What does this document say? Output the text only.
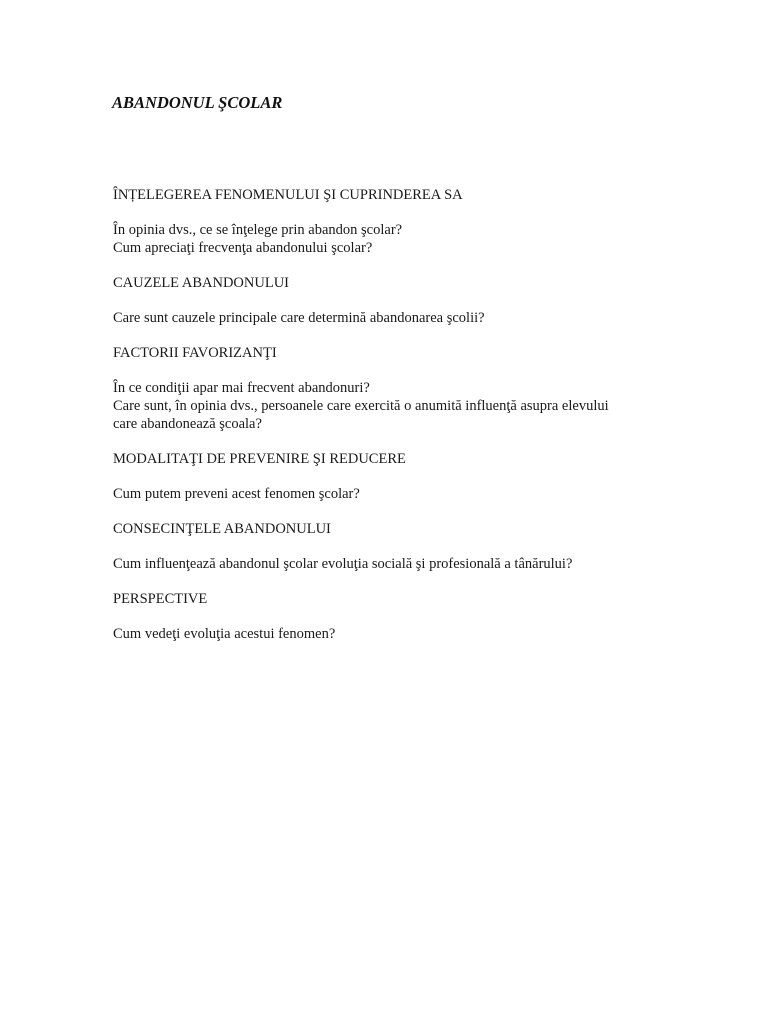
ABANDONUL ŞCOLAR

ÎNȚELEGEREA FENOMENULUI ŞI CUPRINDEREA SA

În opinia dvs., ce se înţelege prin abandon şcolar?

Cum apreciaţi frecvenţa abandonului şcolar?

CAUZELE ABANDONULUI

Care sunt cauzele principale care determină abandonarea şcolii?

FACTORII FAVORIZANŢI

În ce condiţii apar mai frecvent abandonuri?

Care sunt, în opinia dvs., persoanele care exercită o anumită influenţă asupra elevului

care abandonează şcoala?

MODALITAŢI DE PREVENIRE ŞI REDUCERE

Cum putem preveni acest fenomen şcolar?

CONSECINŢELE ABANDONULUI

Cum influenţează abandonul şcolar evoluţia socială şi profesională a tânărului?

PERSPECTIVE

Cum vedeţi evoluţia acestui fenomen?
